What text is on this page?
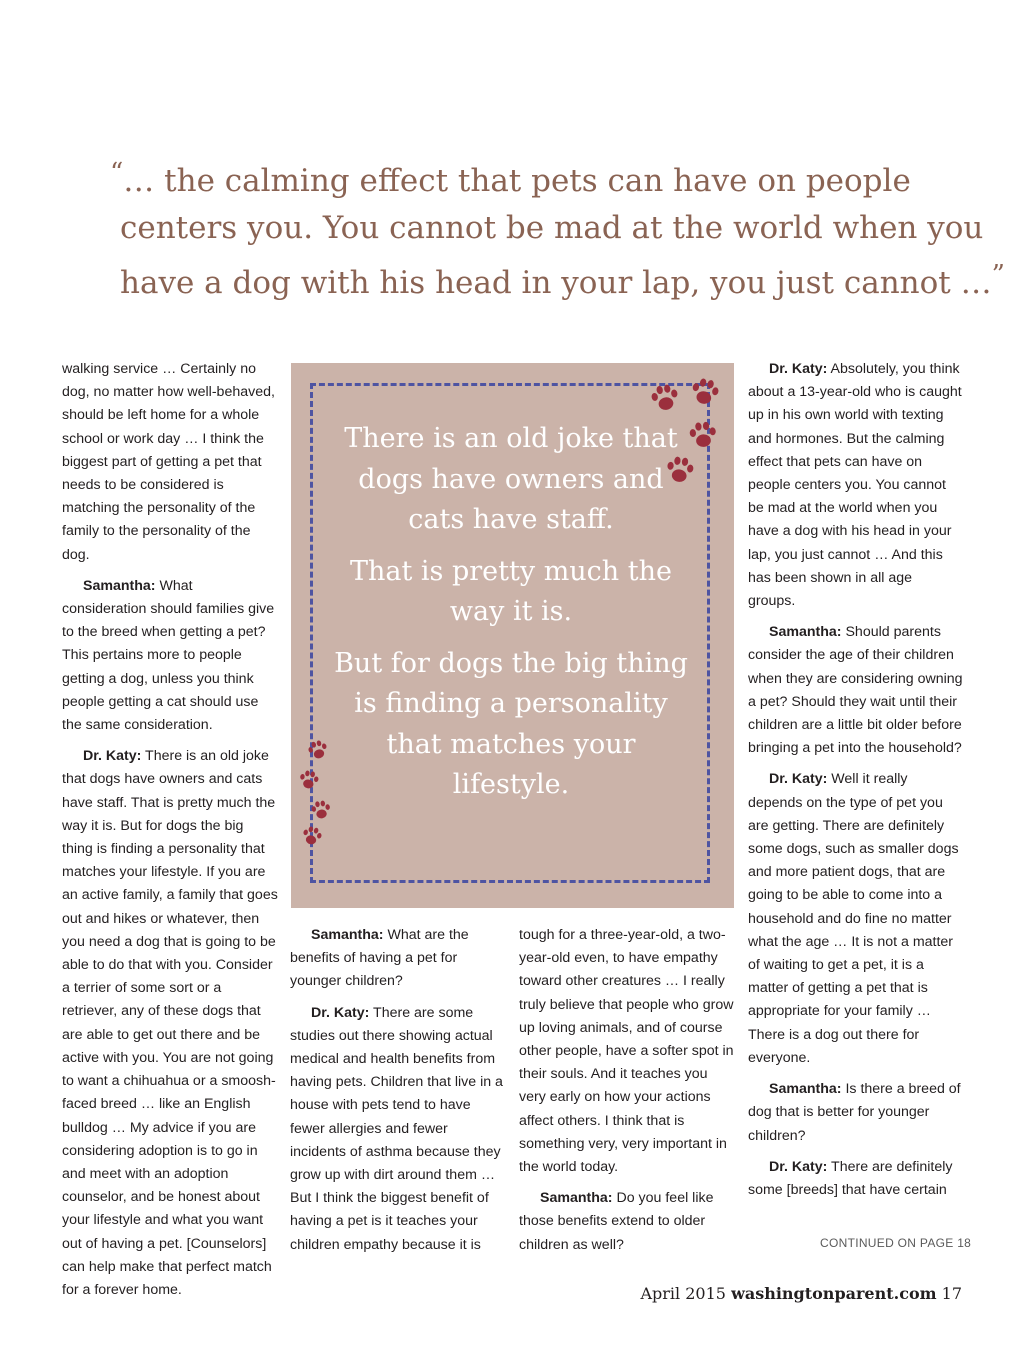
“… the calming effect that pets can have on people
centers you. You cannot be mad at the world when you
have a dog with his head in your lap, you just cannot …”

walking service … Certainly no dog, no matter how well-behaved, should be left home for a whole school or work day … I think the biggest part of getting a pet that needs to be considered is matching the personality of the family to the personality of the dog.

Samantha: What consideration should families give to the breed when getting a pet? This pertains more to people getting a dog, unless you think people getting a cat should use the same consideration.

Dr. Katy: There is an old joke that dogs have owners and cats have staff. That is pretty much the way it is. But for dogs the big thing is finding a personality that matches your lifestyle. If you are an active family, a family that goes out and hikes or whatever, then you need a dog that is going to be able to do that with you. Consider a terrier of some sort or a retriever, any of these dogs that are able to get out there and be active with you. You are not going to want a chihuahua or a smoosh-faced breed … like an English bulldog … My advice if you are considering adoption is to go in and meet with an adoption counselor, and be honest about your lifestyle and what you want out of having a pet. [Counselors] can help make that perfect match for a forever home.

There is an old joke that dogs have owners and cats have staff.

That is pretty much the way it is.

But for dogs the big thing is finding a personality that matches your lifestyle.

Samantha: What are the benefits of having a pet for younger children?

Dr. Katy: There are some studies out there showing actual medical and health benefits from having pets. Children that live in a house with pets tend to have fewer allergies and fewer incidents of asthma because they grow up with dirt around them … But I think the biggest benefit of having a pet is it teaches your children empathy because it is

tough for a three-year-old, a two-year-old even, to have empathy toward other creatures … I really truly believe that people who grow up loving animals, and of course other people, have a softer spot in their souls. And it teaches you very early on how your actions affect others. I think that is something very, very important in the world today.

Samantha: Do you feel like those benefits extend to older children as well?

Dr. Katy: Absolutely, you think about a 13-year-old who is caught up in his own world with texting and hormones. But the calming effect that pets can have on people centers you. You cannot be mad at the world when you have a dog with his head in your lap, you just cannot … And this has been shown in all age groups.

Samantha: Should parents consider the age of their children when they are considering owning a pet? Should they wait until their children are a little bit older before bringing a pet into the household?

Dr. Katy: Well it really depends on the type of pet you are getting. There are definitely some dogs, such as smaller dogs and more patient dogs, that are going to be able to come into a household and do fine no matter what the age … It is not a matter of waiting to get a pet, it is a matter of getting a pet that is appropriate for your family … There is a dog out there for everyone.

Samantha: Is there a breed of dog that is better for younger children?

Dr. Katy: There are definitely some [breeds] that have certain

CONTINUED ON PAGE 18
April 2015 washingtonparent.com 17
